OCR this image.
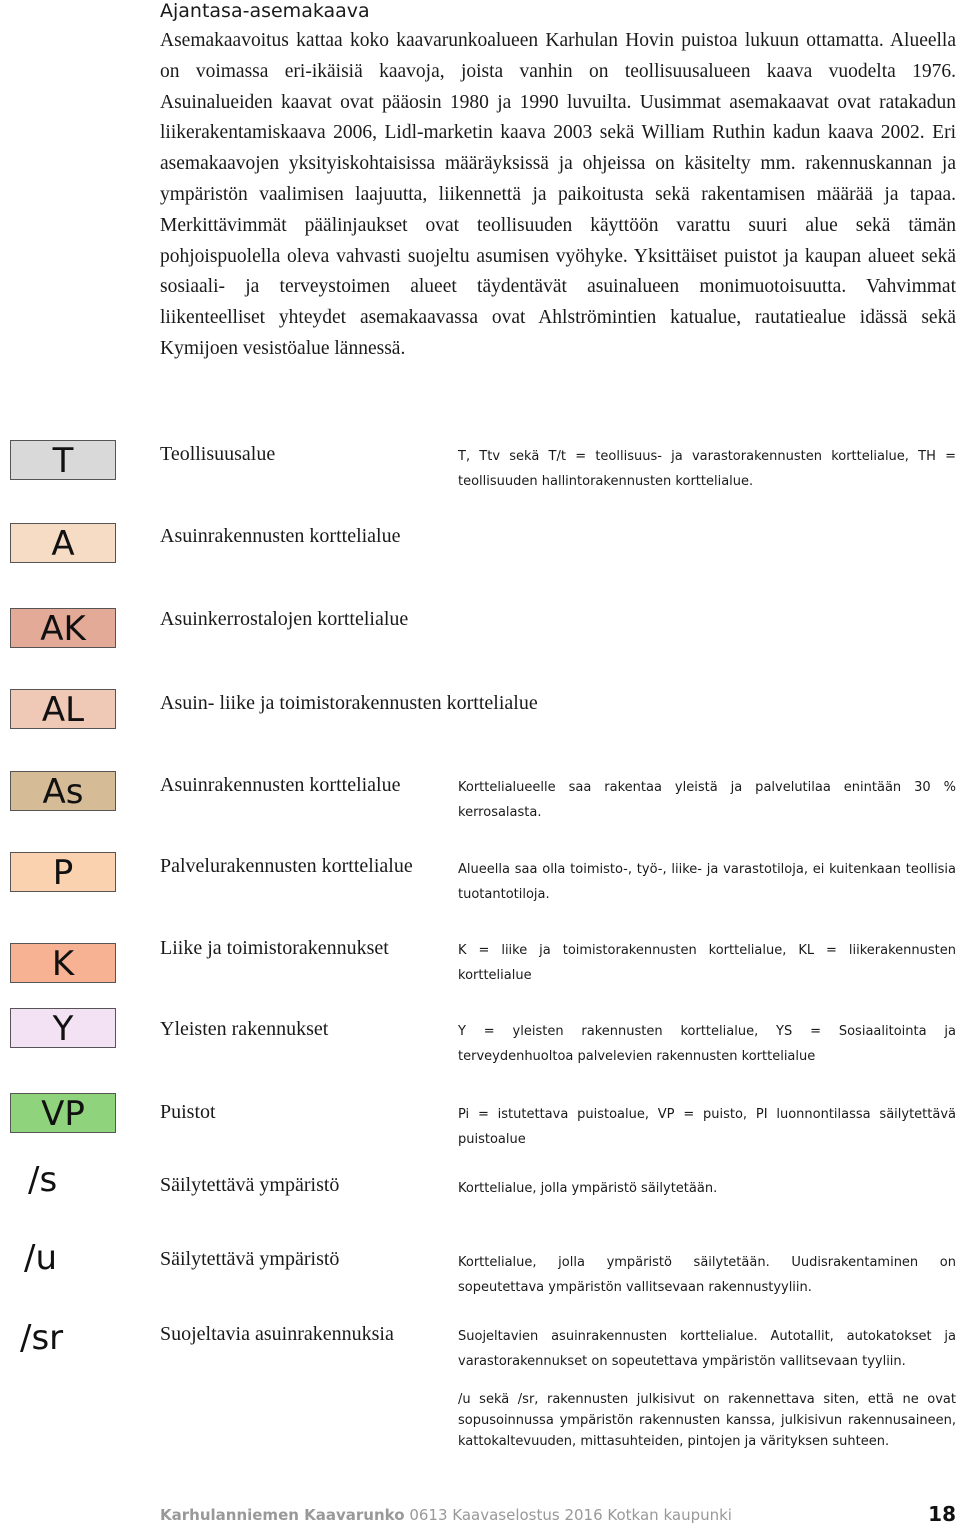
Ajantasa-asemakaava
Asemakaavoitus kattaa koko kaavarunkoalueen Karhulan Hovin puistoa lukuun ottamatta. Alueella on voimassa eri-ikäisiä kaavoja, joista vanhin on teollisuusalueen kaava vuodelta 1976. Asuinalueiden kaavat ovat pääosin 1980 ja 1990 luvuilta. Uusimmat asemakaavat ovat ratakadun liikerakentamiskaava 2006, Lidl-marketin kaava 2003 sekä William Ruthin kadun kaava 2002. Eri asemakaavojen yksityiskohtaisissa määräyksissä ja ohjeissa on käsitelty mm. rakennuskannan ja ympäristön vaalimisen laajuutta, liikennettä ja paikoitusta sekä rakentamisen määrää ja tapaa. Merkittävimmät päälinjaukset ovat teollisuuden käyttöön varattu suuri alue sekä tämän pohjoispuolella oleva vahvasti suojeltu asumisen vyöhyke. Yksittäiset puistot ja kaupan alueet sekä sosiaali- ja terveystoimen alueet täydentävät asuinalueen monimuotoisuutta. Vahvimmat liikenteelliset yhteydet asemakaavassa ovat Ahlströmintien katualue, rautatiealue idässä sekä Kymijoen vesistöalue lännessä.
T	Teollisuusalue	T, Ttv sekä T/t = teollisuus- ja varastorakennusten korttelialue, TH = teollisuuden hallintorakennusten korttelialue.
A	Asuinrakennusten korttelialue
AK	Asuinkerrostalojen korttelialue
AL	Asuin- liike ja toimistorakennusten korttelialue
As	Asuinrakennusten korttelialue	Korttelialueelle saa rakentaa yleistä ja palvelutilaa enintään 30 % kerrosalasta.
P	Palvelurakennusten korttelialue	Alueella saa olla toimisto-, työ-, liike- ja varastotiloja, ei kuitenkaan teollisia tuotantotiloja.
K	Liike ja toimistorakennukset	K = liike ja toimistorakennusten korttelialue, KL = liikerakennusten korttelialue
Y	Yleisten rakennukset	Y = yleisten rakennusten korttelialue, YS = Sosiaalitointa ja terveydenhuoltoa palvelevien rakennusten korttelialue
VP	Puistot	Pi = istutettava puistoalue, VP = puisto, PI luonnontilassa säilytettävä puistoalue
/s	Säilytettävä ympäristö	Korttelialue, jolla ympäristö säilytetään.
/u	Säilytettävä ympäristö	Korttelialue, jolla ympäristö säilytetään. Uudisrakentaminen on sopeutettava ympäristön vallitsevaan rakennustyyliin.
/sr	Suojeltavia asuinrakennuksia	Suojeltavien asuinrakennusten korttelialue. Autotallit, autokatokset ja varastorakennukset on sopeutettava ympäristön vallitsevaan tyyliin.
/u sekä /sr, rakennusten julkisivut on rakennettava siten, että ne ovat sopusoinnussa ympäristön rakennusten kanssa, julkisivun rakennusaineen, kattokaltevuuden, mittasuhteiden, pintojen ja värityksen suhteen.
Karhulanniemen Kaavarunko 0613 Kaavaselostus 2016 Kotkan kaupunki	18
